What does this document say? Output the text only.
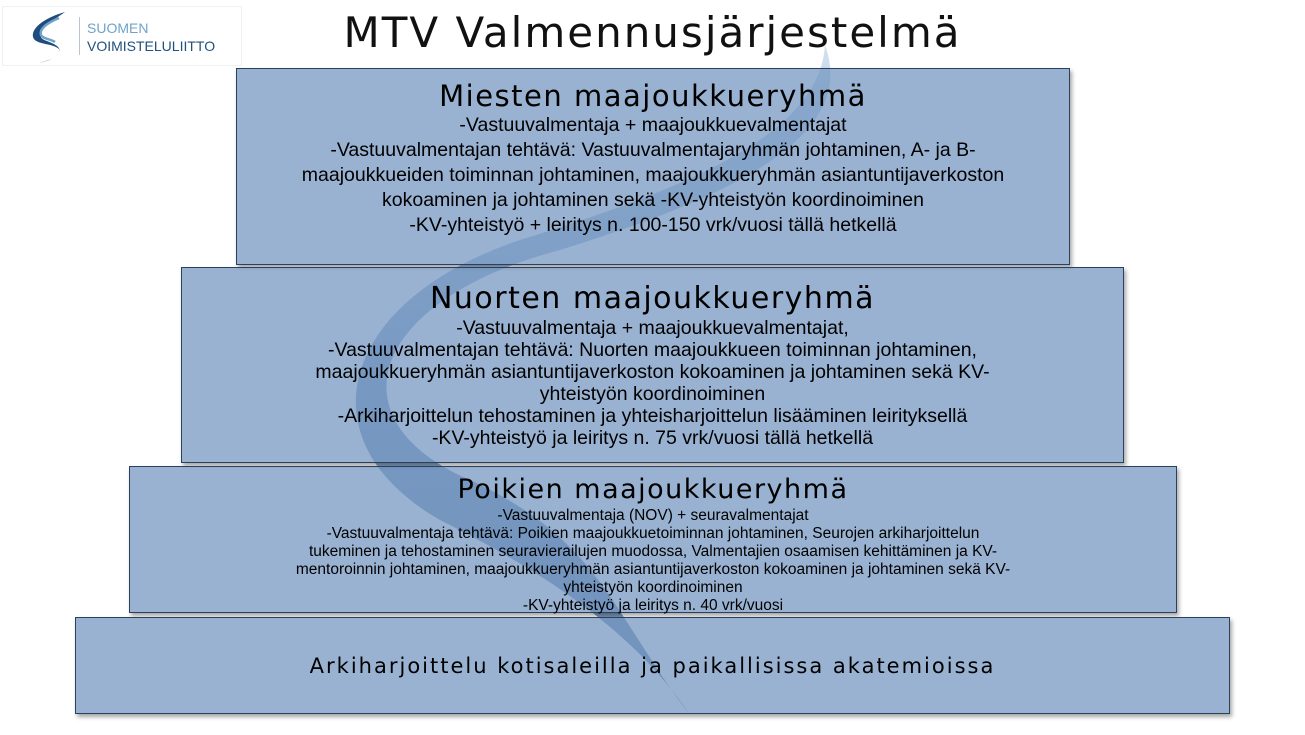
SUOMEN
VOIMISTELULIITTO	MTV Valmennusjärjestelmä
Miesten maajoukkueryhmä
-Vastuuvalmentaja + maajoukkuevalmentajat
-Vastuuvalmentajan tehtävä: Vastuuvalmentajaryhmän johtaminen, A- ja B-
maajoukkueiden toiminnan johtaminen, maajoukkueryhmän asiantuntijaverkoston
kokoaminen ja johtaminen sekä -KV-yhteistyön koordinoiminen
-KV-yhteistyö + leiritys n. 100-150 vrk/vuosi tällä hetkellä
Nuorten maajoukkueryhmä
-Vastuuvalmentaja + maajoukkuevalmentajat,
-Vastuuvalmentajan tehtävä: Nuorten maajoukkueen toiminnan johtaminen,
maajoukkueryhmän asiantuntijaverkoston kokoaminen ja johtaminen sekä KV-
yhteistyön koordinoiminen
-Arkiharjoittelun tehostaminen ja yhteisharjoittelun lisääminen leirityksellä
-KV-yhteistyö ja leiritys n. 75 vrk/vuosi tällä hetkellä
Poikien maajoukkueryhmä
-Vastuuvalmentaja (NOV) + seuravalmentajat
-Vastuuvalmentaja tehtävä: Poikien maajoukkuetoiminnan johtaminen, Seurojen arkiharjoittelun
tukeminen ja tehostaminen seuravierailujen muodossa, Valmentajien osaamisen kehittäminen ja KV-
mentoroinnin johtaminen, maajoukkueryhmän asiantuntijaverkoston kokoaminen ja johtaminen sekä KV-
yhteistyön koordinoiminen
-KV-yhteistyö ja leiritys n. 40 vrk/vuosi
Arkiharjoittelu kotisaleilla ja paikallisissa akatemioissa
